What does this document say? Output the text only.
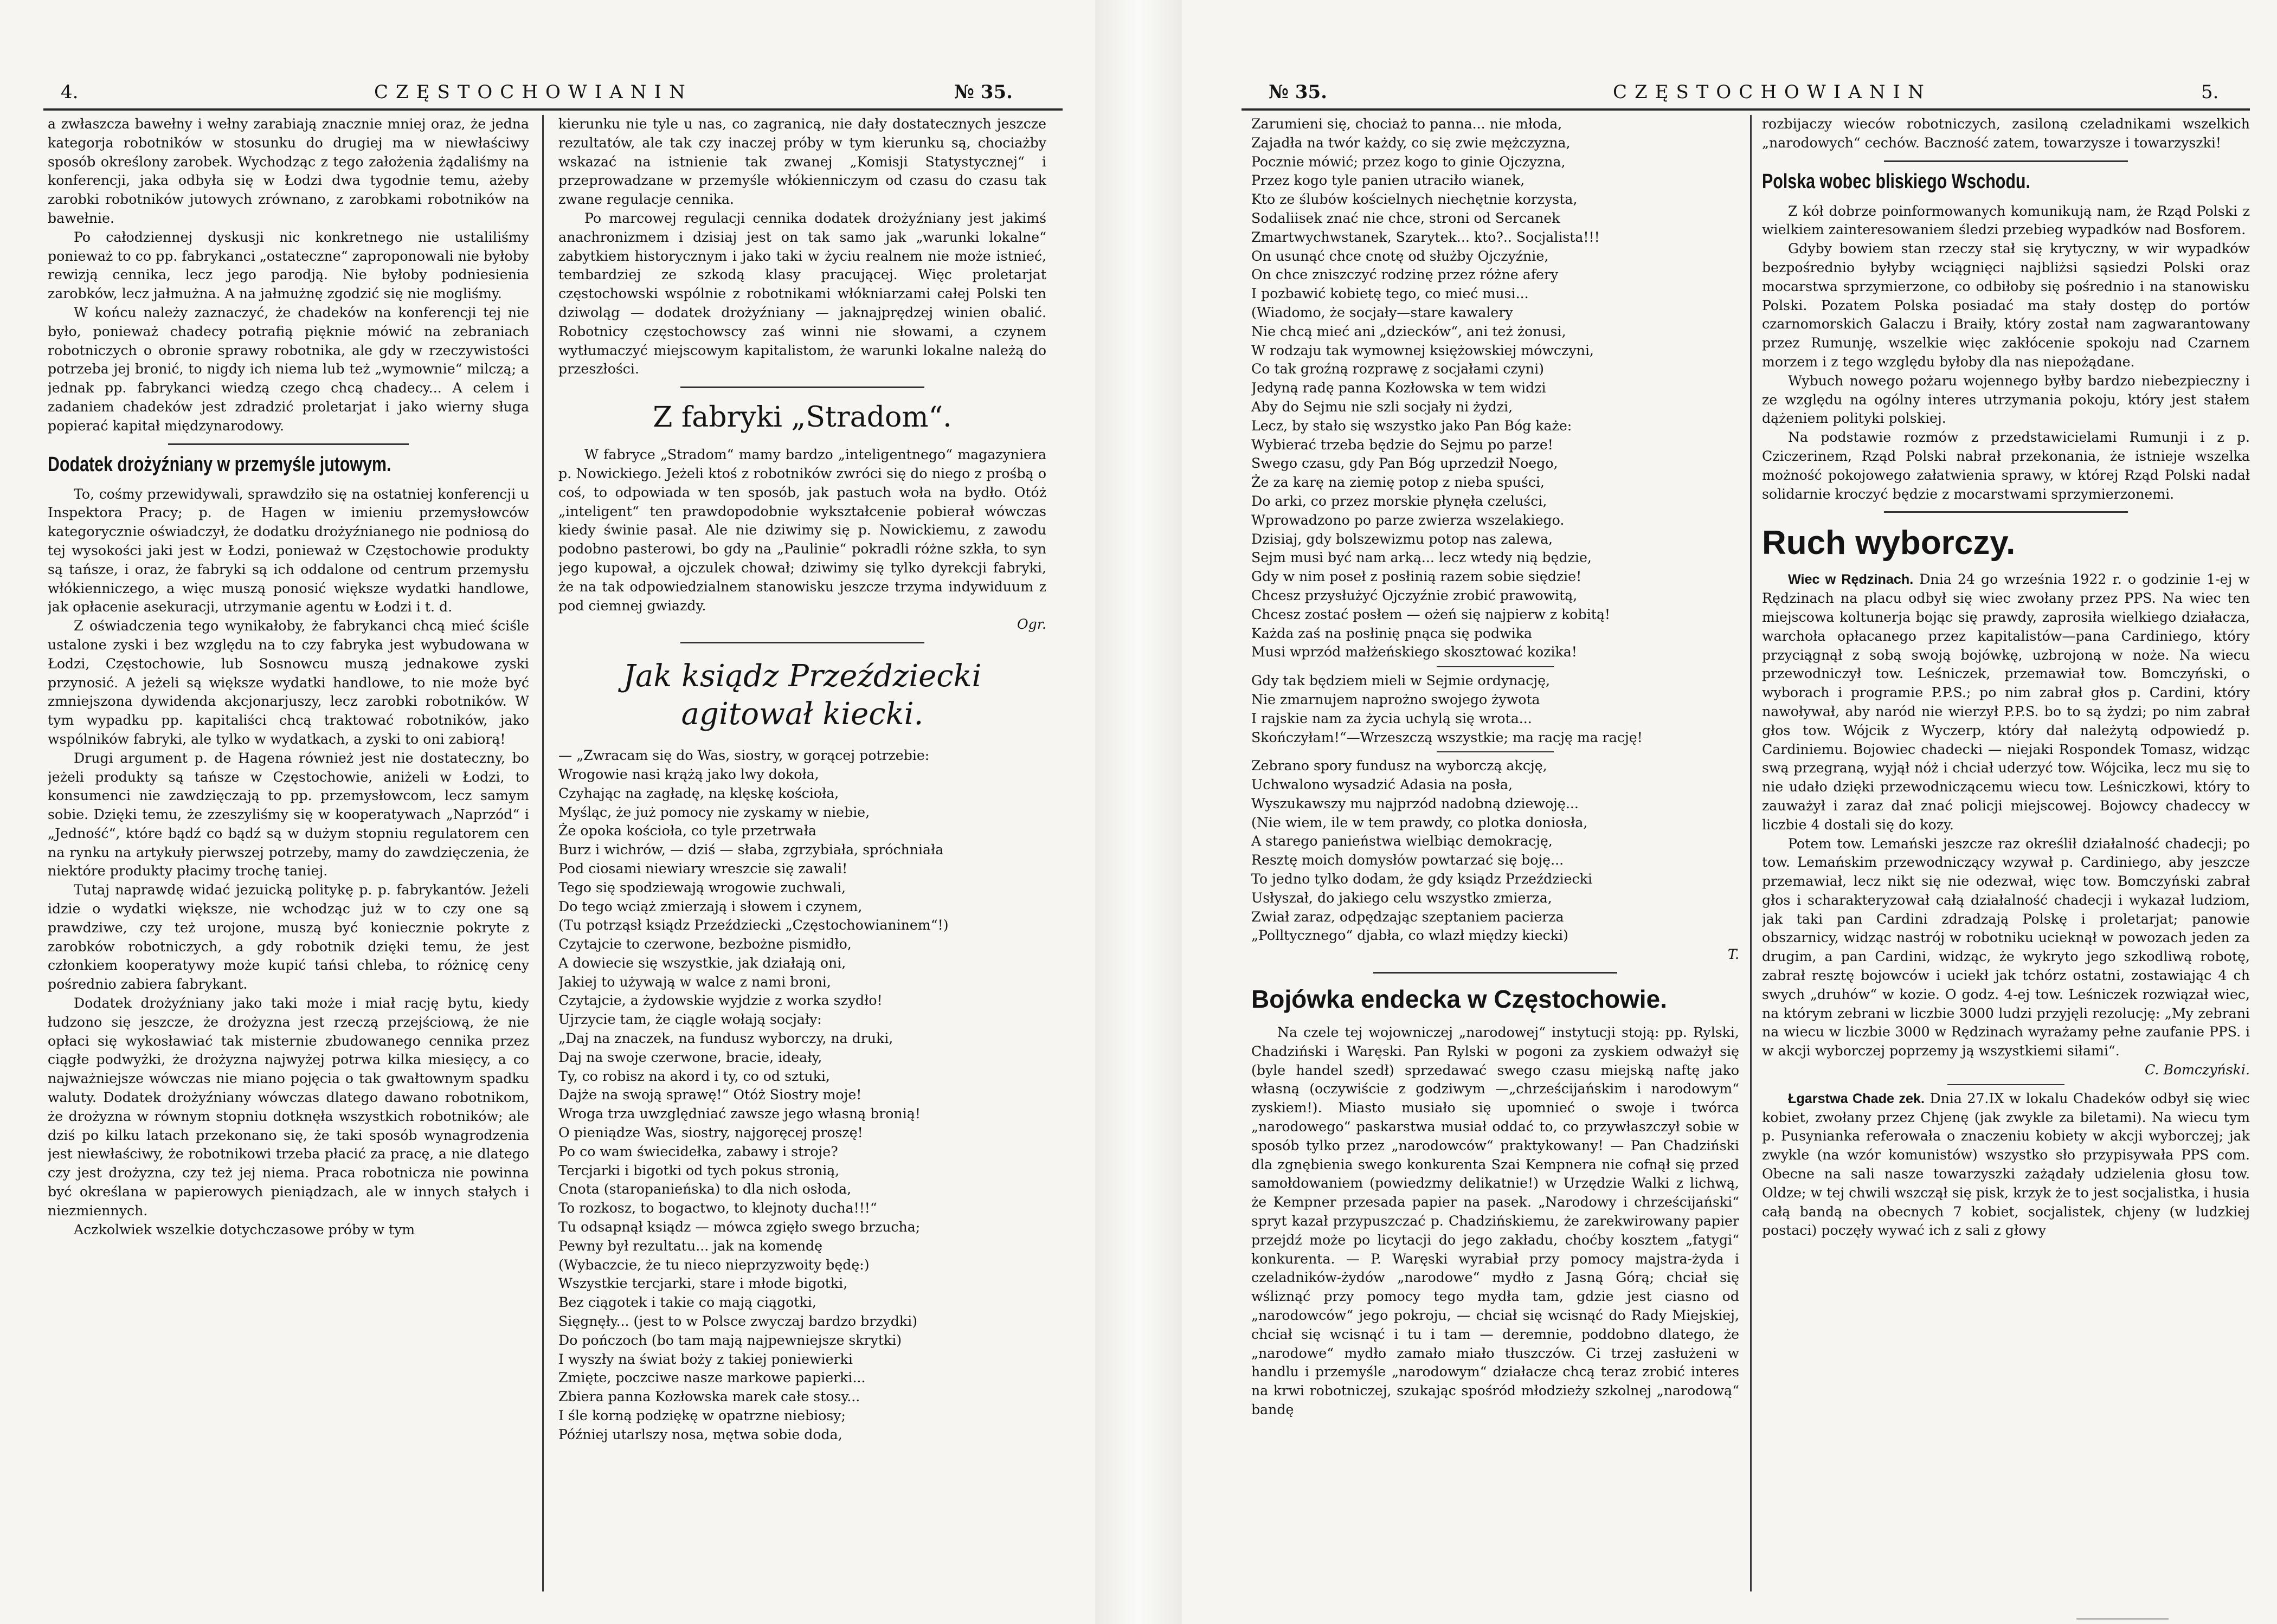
4.	CZĘSTOCHOWIANIN	№ 35.

a zwłaszcza bawełny i wełny zarabiają znacznie mniej oraz, że jedna kategorja robotników w stosunku do drugiej ma w niewłaściwy sposób określony zarobek. Wychodząc z tego założenia żądaliśmy na konferencji, jaka odbyła się w Łodzi dwa tygodnie temu, ażeby zarobki robotników jutowych zrównano, z zarobkami robotników na bawełnie.

Po całodziennej dyskusji nic konkretnego nie ustaliliśmy ponieważ to co pp. fabrykanci „ostateczne“ zaproponowali nie byłoby rewizją cennika, lecz jego parodją. Nie byłoby podniesienia zarobków, lecz jałmużna. A na jałmużnę zgodzić się nie mogliśmy.

W końcu należy zaznaczyć, że chadeków na konferencji tej nie było, ponieważ chadecy potrafią pięknie mówić na zebraniach robotniczych o obronie sprawy robotnika, ale gdy w rzeczywistości potrzeba jej bronić, to nigdy ich niema lub też „wymownie“ milczą; a jednak pp. fabrykanci wiedzą czego chcą chadecy... A celem i zadaniem chadeków jest zdradzić proletarjat i jako wierny sługa popierać kapitał międzynarodowy.

Dodatek drożyźniany w przemyśle jutowym.

To, cośmy przewidywali, sprawdziło się na ostatniej konferencji u Inspektora Pracy; p. de Hagen w imieniu przemysłowców kategorycznie oświadczył, że dodatku drożyźnianego nie podniosą do tej wysokości jaki jest w Łodzi, ponieważ w Częstochowie produkty są tańsze, i oraz, że fabryki są ich oddalone od centrum przemysłu włókienniczego, a więc muszą ponosić większe wydatki handlowe, jak opłacenie asekuracji, utrzymanie agentu w Łodzi i t. d.

Z oświadczenia tego wynikałoby, że fabrykanci chcą mieć ściśle ustalone zyski i bez względu na to czy fabryka jest wybudowana w Łodzi, Częstochowie, lub Sosnowcu muszą jednakowe zyski przynosić. A jeżeli są większe wydatki handlowe, to nie może być zmniejszona dywidenda akcjonarjuszy, lecz zarobki robotników. W tym wypadku pp. kapitaliści chcą traktować robotników, jako wspólników fabryki, ale tylko w wydatkach, a zyski to oni zabiorą!

Drugi argument p. de Hagena również jest nie dostateczny, bo jeżeli produkty są tańsze w Częstochowie, aniżeli w Łodzi, to konsumenci nie zawdzięczają to pp. przemysłowcom, lecz samym sobie. Dzięki temu, że zzeszyliśmy się w kooperatywach „Naprzód“ i „Jedność“, które bądź co bądź są w dużym stopniu regulatorem cen na rynku na artykuły pierwszej potrzeby, mamy do zawdzięczenia, że niektóre produkty płacimy trochę taniej.

Tutaj naprawdę widać jezuicką politykę p. p. fabrykantów. Jeżeli idzie o wydatki większe, nie wchodząc już w to czy one są prawdziwe, czy też urojone, muszą być koniecznie pokryte z zarobków robotniczych, a gdy robotnik dzięki temu, że jest członkiem kooperatywy może kupić tańsi chleba, to różnicę ceny pośrednio zabiera fabrykant.

Dodatek drożyźniany jako taki może i miał rację bytu, kiedy łudzono się jeszcze, że drożyzna jest rzeczą przejściową, że nie opłaci się wykosławiać tak misternie zbudowanego cennika przez ciągłe podwyżki, że drożyzna najwyżej potrwa kilka miesięcy, a co najważniejsze wówczas nie miano pojęcia o tak gwałtownym spadku waluty. Dodatek drożyźniany wówczas dlatego dawano robotnikom, że drożyzna w równym stopniu dotknęła wszystkich robotników; ale dziś po kilku latach przekonano się, że taki sposób wynagrodzenia jest niewłaściwy, że robotnikowi trzeba płacić za pracę, a nie dlatego czy jest drożyzna, czy też jej niema. Praca robotnicza nie powinna być określana w papierowych pieniądzach, ale w innych stałych i niezmiennych.

Aczkolwiek wszelkie dotychczasowe próby w tym

kierunku nie tyle u nas, co zagranicą, nie dały dostatecznych jeszcze rezultatów, ale tak czy inaczej próby w tym kierunku są, chociażby wskazać na istnienie tak zwanej „Komisji Statystycznej“ i przeprowadzane w przemyśle włókienniczym od czasu do czasu tak zwane regulacje cennika.

Po marcowej regulacji cennika dodatek drożyźniany jest jakimś anachronizmem i dzisiaj jest on tak samo jak „warunki lokalne“ zabytkiem historycznym i jako taki w życiu realnem nie może istnieć, tembardziej ze szkodą klasy pracującej. Więc proletarjat częstochowski wspólnie z robotnikami włókniarzami całej Polski ten dziwoląg — dodatek drożyźniany — jaknajprędzej winien obalić. Robotnicy częstochowscy zaś winni nie słowami, a czynem wytłumaczyć miejscowym kapitalistom, że warunki lokalne należą do przeszłości.

Z fabryki „Stradom“.

W fabryce „Stradom“ mamy bardzo „inteligentnego“ magazyniera p. Nowickiego. Jeżeli ktoś z robotników zwróci się do niego z prośbą o coś, to odpowiada w ten sposób, jak pastuch woła na bydło. Otóż „inteligent“ ten prawdopodobnie wykształcenie pobierał wówczas kiedy świnie pasał. Ale nie dziwimy się p. Nowickiemu, z zawodu podobno pasterowi, bo gdy na „Paulinie“ pokradli różne szkła, to syn jego kupował, a ojczulek chował; dziwimy się tylko dyrekcji fabryki, że na tak odpowiedzialnem stanowisku jeszcze trzyma indywiduum z pod ciemnej gwiazdy.

Ogr.
Jak ksiądz Przeździecki
agitował kiecki.
— „Zwracam się do Was, siostry, w gorącej potrzebie:
Wrogowie nasi krążą jako lwy dokoła,
Czyhając na zagładę, na klęskę kościoła,
Myśląc, że już pomocy nie zyskamy w niebie,
Że opoka kościoła, co tyle przetrwała
Burz i wichrów, — dziś — słaba, zgrzybiała, spróchniała
Pod ciosami niewiary wreszcie się zawali!
Tego się spodziewają wrogowie zuchwali,
Do tego wciąż zmierzają i słowem i czynem,
(Tu potrząsł ksiądz Przeździecki „Częstochowianinem“!)
Czytajcie to czerwone, bezbożne pismidło,
A dowiecie się wszystkie, jak działają oni,
Jakiej to używają w walce z nami broni,
Czytajcie, a żydowskie wyjdzie z worka szydło!
Ujrzycie tam, że ciągle wołają socjały:
„Daj na znaczek, na fundusz wyborczy, na druki,
Daj na swoje czerwone, bracie, ideały,
Ty, co robisz na akord i ty, co od sztuki,
Dajże na swoją sprawę!“ Otóż Siostry moje!
Wroga trza uwzględniać zawsze jego własną bronią!
O pieniądze Was, siostry, najgoręcej proszę!
Po co wam świecidełka, zabawy i stroje?
Tercjarki i bigotki od tych pokus stronią,
Cnota (staropanieńska) to dla nich osłoda,
To rozkosz, to bogactwo, to klejnoty ducha!!!“
Tu odsapnął ksiądz — mówca zgięło swego brzucha;
Pewny był rezultatu... jak na komendę
(Wybaczcie, że tu nieco nieprzyzwoity będę:)
Wszystkie tercjarki, stare i młode bigotki,
Bez ciągotek i takie co mają ciągotki,
Sięgnęły... (jest to w Polsce zwyczaj bardzo brzydki)
Do pończoch (bo tam mają najpewniejsze skrytki)
I wyszły na świat boży z takiej poniewierki
Zmięte, poczciwe nasze markowe papierki...
Zbiera panna Kozłowska marek całe stosy...
I śle korną podziękę w opatrzne niebiosy;
Później utarlszy nosa, mętwa sobie doda,
№ 35.	CZĘSTOCHOWIANIN	5.
Zarumieni się, chociaż to panna... nie młoda,
Zajadła na twór każdy, co się zwie mężczyzna,
Pocznie mówić; przez kogo to ginie Ojczyzna,
Przez kogo tyle panien utraciło wianek,
Kto ze ślubów kościelnych niechętnie korzysta,
Sodaliisek znać nie chce, stroni od Sercanek
Zmartwychwstanek, Szarytek... kto?.. Socjalista!!!
On usunąć chce cnotę od służby Ojczyźnie,
On chce zniszczyć rodzinę przez różne afery
I pozbawić kobietę tego, co mieć musi...
(Wiadomo, że socjały—stare kawalery
Nie chcą mieć ani „dziecków“, ani też żonusi,
W rodzaju tak wymownej księżowskiej mówczyni,
Co tak groźną rozprawę z socjałami czyni)
Jedyną radę panna Kozłowska w tem widzi
Aby do Sejmu nie szli socjały ni żydzi,
Lecz, by stało się wszystko jako Pan Bóg każe:
Wybierać trzeba będzie do Sejmu po parze!
Swego czasu, gdy Pan Bóg uprzedził Noego,
Że za karę na ziemię potop z nieba spuści,
Do arki, co przez morskie płynęła czeluści,
Wprowadzono po parze zwierza wszelakiego.
Dzisiaj, gdy bolszewizmu potop nas zalewa,
Sejm musi być nam arką... lecz wtedy nią będzie,
Gdy w nim poseł z posłinią razem sobie siędzie!
Chcesz przysłużyć Ojczyźnie zrobić prawowitą,
Chcesz zostać posłem — ożeń się najpierw z kobitą!
Każda zaś na posłinię pnąca się podwika
Musi wprzód małżeńskiego skosztować kozika!
Gdy tak będziem mieli w Sejmie ordynację,
Nie zmarnujem naprożno swojego żywota
I rajskie nam za życia uchylą się wrota...
Skończyłam!“—Wrzeszczą wszystkie; ma rację ma rację!
Zebrano spory fundusz na wyborczą akcję,
Uchwalono wysadzić Adasia na posła,
Wyszukawszy mu najprzód nadobną dziewoję...
(Nie wiem, ile w tem prawdy, co plotka doniosła,
A starego panieństwa wielbiąc demokrację,
Resztę moich domysłów powtarzać się boję...
To jedno tylko dodam, że gdy ksiądz Przeździecki
Usłyszał, do jakiego celu wszystko zmierza,
Zwiał zaraz, odpędzając szeptaniem pacierza
„Polltycznego“ djabła, co wlazł między kiecki)
T.
Bojówka endecka w Częstochowie.

Na czele tej wojowniczej „narodowej“ instytucji stoją: pp. Rylski, Chadziński i Waręski. Pan Rylski w pogoni za zyskiem odważył się (byle handel szedł) sprzedawać swego czasu miejską naftę jako własną (oczywiście z godziwym —„chrześcijańskim i narodowym“ zyskiem!). Miasto musiało się upomnieć o swoje i twórca „narodowego“ paskarstwa musiał oddać to, co przywłaszczył sobie w sposób tylko przez „narodowców“ praktykowany! — Pan Chadziński dla zgnębienia swego konkurenta Szai Kempnera nie cofnął się przed samołdowaniem (powiedzmy delikatnie!) w Urzędzie Walki z lichwą, że Kempner przesada papier na pasek. „Narodowy i chrześcijański“ spryt kazał przypuszczać p. Chadzińskiemu, że zarekwirowany papier przejdź może po licytacji do jego zakładu, choćby kosztem „fatygi“ konkurenta. — P. Waręski wyrabiał przy pomocy majstra-żyda i czeladników-żydów „narodowe“ mydło z Jasną Górą; chciał się wśliznąć przy pomocy tego mydła tam, gdzie jest ciasno od „narodowców“ jego pokroju, — chciał się wcisnąć do Rady Miejskiej, chciał się wcisnąć i tu i tam — deremnie, poddobno dlatego, że „narodowe“ mydło zamało miało tłuszczów. Ci trzej zasłużeni w handlu i przemyśle „narodowym“ działacze chcą teraz zrobić interes na krwi robotniczej, szukając spośród młodzieży szkolnej „narodową“ bandę

rozbijaczy wieców robotniczych, zasiloną czeladnikami wszelkich „narodowych“ cechów. Baczność zatem, towarzysze i towarzyszki!

Polska wobec bliskiego Wschodu.

Z kół dobrze poinformowanych komunikują nam, że Rząd Polski z wielkiem zainteresowaniem śledzi przebieg wypadków nad Bosforem.

Gdyby bowiem stan rzeczy stał się krytyczny, w wir wypadków bezpośrednio byłyby wciągnięci najbliżsi sąsiedzi Polski oraz mocarstwa sprzymierzone, co odbiłoby się pośrednio i na stanowisku Polski. Pozatem Polska posiadać ma stały dostęp do portów czarnomorskich Galaczu i Braiły, który został nam zagwarantowany przez Rumunję, wszelkie więc zakłócenie spokoju nad Czarnem morzem i z tego względu byłoby dla nas niepożądane.

Wybuch nowego pożaru wojennego byłby bardzo niebezpieczny i ze względu na ogólny interes utrzymania pokoju, który jest stałem dążeniem polityki polskiej.

Na podstawie rozmów z przedstawicielami Rumunji i z p. Cziczerinem, Rząd Polski nabrał przekonania, że istnieje wszelka możność pokojowego załatwienia sprawy, w której Rząd Polski nadał solidarnie kroczyć będzie z mocarstwami sprzymierzonemi.

Ruch wyborczy.

Wiec w Rędzinach. Dnia 24 go września 1922 r. o godzinie 1-ej w Rędzinach na placu odbył się wiec zwołany przez PPS. Na wiec ten miejscowa koltunerja bojąc się prawdy, zaprosiła wielkiego działacza, warchoła opłacanego przez kapitalistów—pana Cardiniego, który przyciągnął z sobą swoją bojówkę, uzbrojoną w noże. Na wiecu przewodniczył tow. Leśniczek, przemawiał tow. Bomczyński, o wyborach i programie P.P.S.; po nim zabrał głos p. Cardini, który nawoływał, aby naród nie wierzył P.P.S. bo to są żydzi; po nim zabrał głos tow. Wójcik z Wyczerp, który dał należytą odpowiedź p. Cardiniemu. Bojowiec chadecki — niejaki Rospondek Tomasz, widząc swą przegraną, wyjął nóż i chciał uderzyć tow. Wójcika, lecz mu się to nie udało dzięki przewodniczącemu wiecu tow. Leśniczkowi, który to zauważył i zaraz dał znać policji miejscowej. Bojowcy chadeccy w liczbie 4 dostali się do kozy.

Potem tow. Lemański jeszcze raz określił działalność chadecji; po tow. Lemańskim przewodniczący wzywał p. Cardiniego, aby jeszcze przemawiał, lecz nikt się nie odezwał, więc tow. Bomczyński zabrał głos i scharakteryzował całą działalność chadecji i wykazał ludziom, jak taki pan Cardini zdradzają Polskę i proletarjat; panowie obszarnicy, widząc nastrój w robotniku ucieknął w powozach jeden za drugim, a pan Cardini, widząc, że wykryto jego szkodliwą robotę, zabrał resztę bojowców i uciekł jak tchórz ostatni, zostawiając 4 ch swych „druhów“ w kozie. O godz. 4-ej tow. Leśniczek rozwiązał wiec, na którym zebrani w liczbie 3000 ludzi przyjęli rezolucję: „My zebrani na wiecu w liczbie 3000 w Rędzinach wyrażamy pełne zaufanie PPS. i w akcji wyborczej poprzemy ją wszystkiemi siłami“.

C. Bomczyński.

Łgarstwa Chade zek. Dnia 27.IX w lokalu Chadeków odbył się wiec kobiet, zwołany przez Chjenę (jak zwykle za biletami). Na wiecu tym p. Pusynianka referowała o znaczeniu kobiety w akcji wyborczej; jak zwykle (na wzór komunistów) wszystko sło przypisywała PPS com. Obecne na sali nasze towarzyszki zażądały udzielenia głosu tow. Oldze; w tej chwili wszczął się pisk, krzyk że to jest socjalistka, i husia całą bandą na obecnych 7 kobiet, socjalistek, chjeny (w ludzkiej postaci) poczęły wywać ich z sali z głowy
